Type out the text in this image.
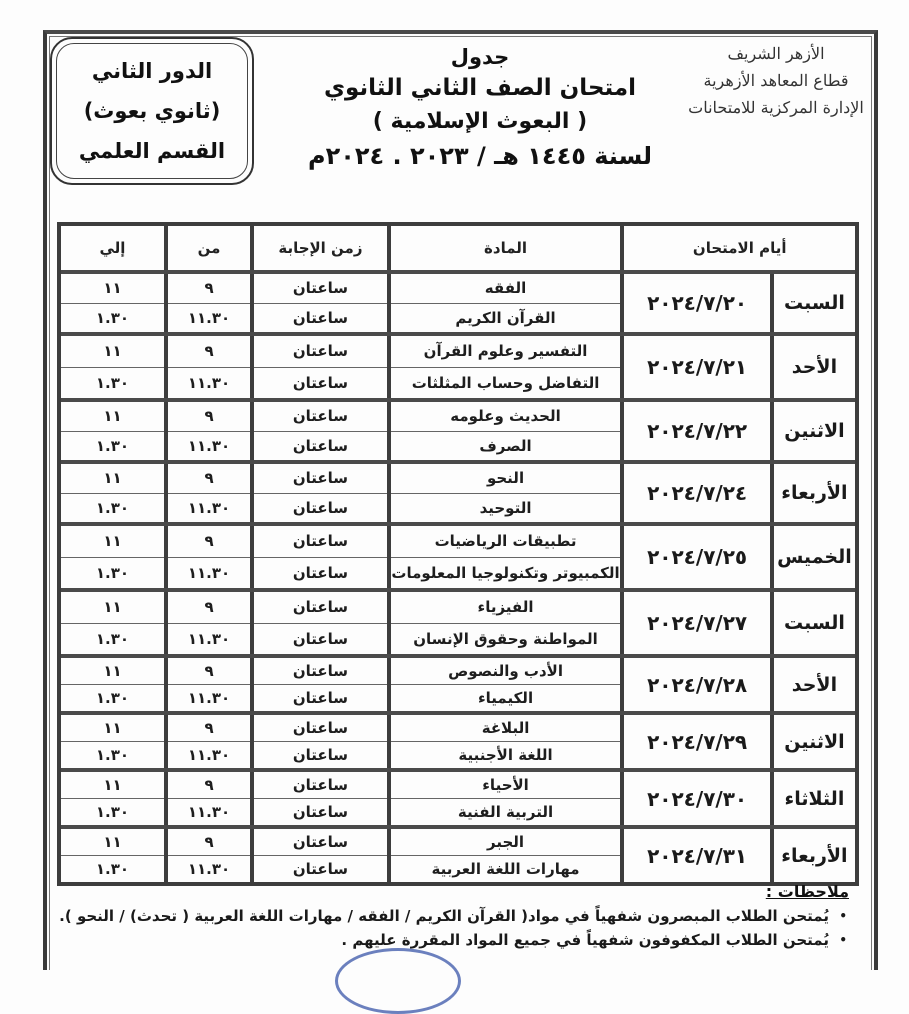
الدور الثاني
(ثانوي بعوث)
القسم العلمي
جدول
امتحان الصف الثاني الثانوي
( البعوث الإسلامية )
لسنة ١٤٤٥ هـ / ٢٠٢٣ . ٢٠٢٤م
الأزهر الشريف
قطاع المعاهد الأزهرية
الإدارة المركزية للامتحانات
أيام الامتحان
المادة
زمن الإجابة
من
إلي
السبت
٢٠٢٤/٧/٢٠
الفقه
القرآن الكريم
ساعتان
ساعتان
٩
١١.٣٠
١١
١.٣٠
الأحد
٢٠٢٤/٧/٢١
التفسير وعلوم القرآن
التفاضل وحساب المثلثات
ساعتان
ساعتان
٩
١١.٣٠
١١
١.٣٠
الاثنين
٢٠٢٤/٧/٢٢
الحديث وعلومه
الصرف
ساعتان
ساعتان
٩
١١.٣٠
١١
١.٣٠
الأربعاء
٢٠٢٤/٧/٢٤
النحو
التوحيد
ساعتان
ساعتان
٩
١١.٣٠
١١
١.٣٠
الخميس
٢٠٢٤/٧/٢٥
تطبيقات الرياضيات
الكمبيوتر وتكنولوجيا المعلومات
ساعتان
ساعتان
٩
١١.٣٠
١١
١.٣٠
السبت
٢٠٢٤/٧/٢٧
الفيزياء
المواطنة وحقوق الإنسان
ساعتان
ساعتان
٩
١١.٣٠
١١
١.٣٠
الأحد
٢٠٢٤/٧/٢٨
الأدب والنصوص
الكيمياء
ساعتان
ساعتان
٩
١١.٣٠
١١
١.٣٠
الاثنين
٢٠٢٤/٧/٢٩
البلاغة
اللغة الأجنبية
ساعتان
ساعتان
٩
١١.٣٠
١١
١.٣٠
الثلاثاء
٢٠٢٤/٧/٣٠
الأحياء
التربية الفنية
ساعتان
ساعتان
٩
١١.٣٠
١١
١.٣٠
الأربعاء
٢٠٢٤/٧/٣١
الجبر
مهارات اللغة العربية
ساعتان
ساعتان
٩
١١.٣٠
١١
١.٣٠
ملاحظات :
•
يُمتحن الطلاب المبصرون شفهياً في مواد( القرآن الكريم / الفقه / مهارات اللغة العربية ( تحدث) / النحو ).
•
يُمتحن الطلاب المكفوفون شفهياً في جميع المواد المقررة عليهم .
